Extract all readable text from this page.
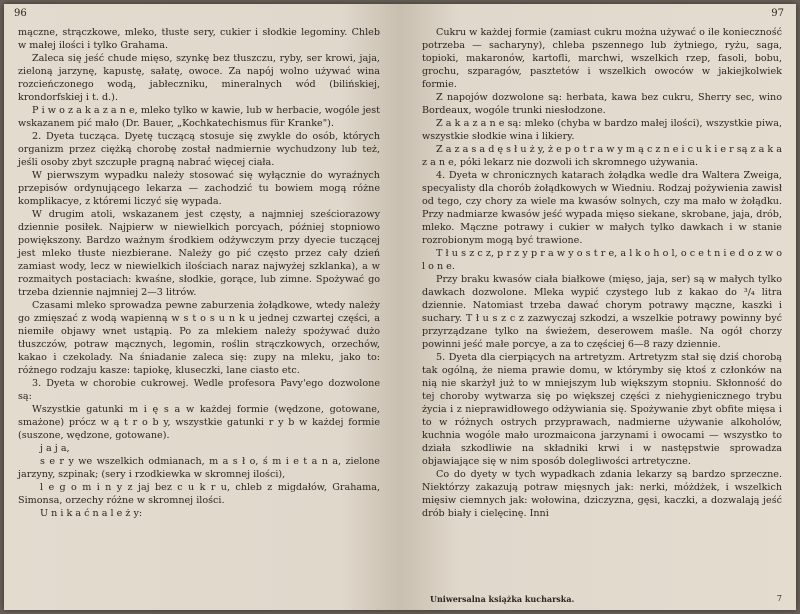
96

mączne, strączkowe, mleko, tłuste sery, cukier i słodkie legominy. Chleb w małej ilości i tylko Grahama.

Zaleca się jeść chude mięso, szynkę bez tłuszczu, ryby, ser krowi, jaja, zieloną jarzynę, kapustę, sałatę, owoce. Za napój wolno używać wina rozcieńczonego wodą, jabłeczniku, mineralnych wód (bilińskiej, krondorfskiej i t. d.).

P i w o z a k a z a n e, mleko tylko w kawie, lub w herbacie, wogóle jest wskazanem pić mało (Dr. Bauer, „Kochkatechismus für Kranke").

2. Dyeta tucząca. Dyetę tuczącą stosuje się zwykle do osób, których organizm przez ciężką chorobę został nadmiernie wychudzony lub też, jeśli osoby zbyt szczupłe pragną nabrać więcej ciała.

W pierwszym wypadku należy stosować się wyłącznie do wyraźnych przepisów ordynującego lekarza — zachodzić tu bowiem mogą różne komplikacye, z któremi liczyć się wypada.

W drugim atoli, wskazanem jest częsty, a najmniej sześciorazowy dziennie posiłek. Najpierw w niewielkich porcyach, później stopniowo powiększony. Bardzo ważnym środkiem odżywczym przy dyecie tuczącej jest mleko tłuste niezbierane. Należy go pić często przez cały dzień zamiast wody, lecz w niewielkich ilościach naraz najwyżej szklanka), a w rozmaitych postaciach: kwaśne, słodkie, gorące, lub zimne. Spożywać go trzeba dziennie najmniej 2—3 litrów.

Czasami mleko sprowadza pewne zaburzenia żołądkowe, wtedy należy go zmięszać z wodą wapienną w s t o s u n k u jednej czwartej części, a niemiłe objawy wnet ustąpią. Po za mlekiem należy spożywać dużo tłuszczów, potraw mącznych, legomin, roślin strączkowych, orzechów, kakao i czekolady. Na śniadanie zaleca się: zupy na mleku, jako to: różnego rodzaju kasze: tapiokę, kluseczki, lane ciasto etc.

3. Dyeta w chorobie cukrowej. Wedle profesora Pavy'ego dozwolone są:

Wszystkie gatunki m i ę s a w każdej formie (wędzone, gotowane, smażone) prócz w ą t r o b y, wszystkie gatunki r y b w każdej formie (suszone, wędzone, gotowane).

j a j a,

s e r y we wszelkich odmianach, m a s ł o, ś m i e t a n a, zielone jarzyny, szpinak; (sery i rzodkiewka w skromnej ilości),

l e g o m i n y z jaj bez c u k r u, chleb z migdałów, Grahama, Simonsa, orzechy różne w skromnej ilości.

U n i k a ć n a l e ż y:

97

Cukru w każdej formie (zamiast cukru można używać o ile konieczność potrzeba — sacharyny), chleba pszennego lub żytniego, ryżu, saga, topioki, makaronów, kartofli, marchwi, wszelkich rzep, fasoli, bobu, grochu, szparagów, pasztetów i wszelkich owoców w jakiejkolwiek formie.

Z napojów dozwolone są: herbata, kawa bez cukru, Sherry sec, wino Bordeaux, wogóle trunki niesłodzone.

Z a k a z a n e są: mleko (chyba w bardzo małej ilości), wszystkie piwa, wszystkie słodkie wina i likiery.

Z a z a s a d ę s ł u ż y, ż e p o t r a w y m ą c z n e i c u k i e r są z a k a z a n e, póki lekarz nie dozwoli ich skromnego używania.

4. Dyeta w chronicznych katarach żołądka wedle dra Waltera Zweiga, specyalisty dla chorób żołądkowych w Wiedniu. Rodzaj pożywienia zawisł od tego, czy chory za wiele ma kwasów solnych, czy ma mało w żołądku. Przy nadmiarze kwasów jeść wypada mięso siekane, skrobane, jaja, drób, mleko. Mączne potrawy i cukier w małych tylko dawkach i w stanie rozrobionym mogą być trawione.

T ł u s z c z, p r z y p r a w y o s t r e, a l k o h o l, o c e t n i e d o z w o l o n e.

Przy braku kwasów ciała białkowe (mięso, jaja, ser) są w małych tylko dawkach dozwolone. Mleka wypić czystego lub z kakao do ³/₄ litra dziennie. Natomiast trzeba dawać chorym potrawy mączne, kaszki i suchary. T ł u s z c z zazwyczaj szkodzi, a wszelkie potrawy powinny być przyrządzane tylko na świeżem, deserowem maśle. Na ogół chorzy powinni jeść małe porcye, a za to częściej 6—8 razy dziennie.

5. Dyeta dla cierpiących na artretyzm. Artretyzm stał się dziś chorobą tak ogólną, że niema prawie domu, w którymby się ktoś z członków na nią nie skarżył już to w mniejszym lub większym stopniu. Skłonność do tej choroby wytwarza się po większej części z niehygienicznego trybu życia i z nieprawidłowego odżywiania się. Spożywanie zbyt obfite mięsa i to w różnych ostrych przyprawach, nadmierne używanie alkoholów, kuchnia wogóle mało urozmaicona jarzynami i owocami — wszystko to działa szkodliwie na składniki krwi i w następstwie sprowadza objawiające się w nim sposób dolegliwości artretyczne.

Co do dyety w tych wypadkach zdania lekarzy są bardzo sprzeczne. Niektórzy zakazują potraw mięsnych jak: nerki, móżdżek, i wszelkich mięsiw ciemnych jak: wołowina, dziczyzna, gęsi, kaczki, a dozwalają jeść drób biały i cielęcinę. Inni

Uniwersalna książka kucharska.	7
